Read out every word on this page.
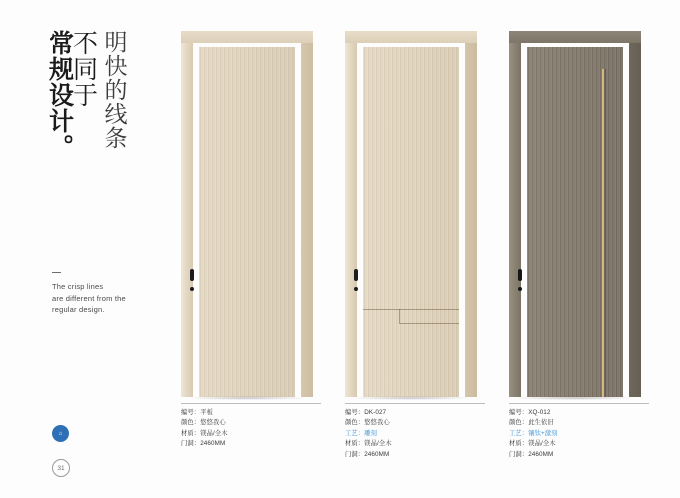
明快的线条
不同于
常规设计。
The crisp lines
are different from the
regular design.
⌂
31
编号：平板
颜色：悠悠我心
材质：镁晶/全木
门洞：2460MM
编号：DK-027
颜色：悠悠我心
工艺：雕刻
材质：镁晶/全木
门洞：2460MM
编号：XQ-012
颜色：此生依旧
工艺：镶钛+激刻
材质：镁晶/全木
门洞：2460MM
